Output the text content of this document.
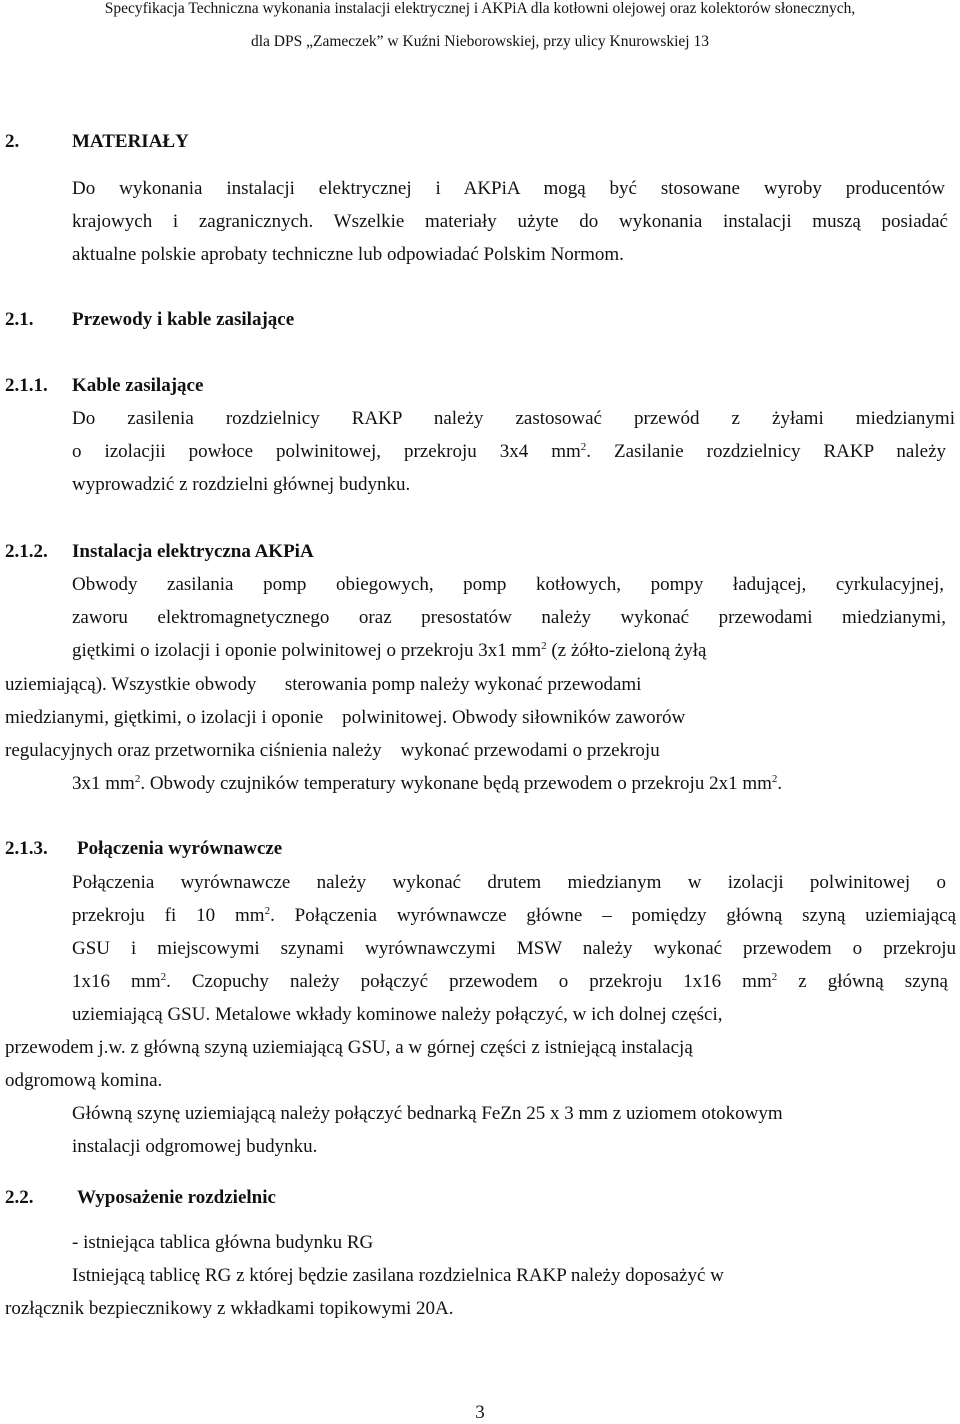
Specyfikacja Techniczna wykonania instalacji elektrycznej i AKPiA dla kotłowni olejowej oraz kolektorów słonecznych,
dla DPS „Zameczek” w Kuźni Nieborowskiej, przy ulicy Knurowskiej 13
2.	MATERIAŁY
Do wykonania instalacji elektrycznej i AKPiA mogą być stosowane wyroby producentów
krajowych i zagranicznych. Wszelkie materiały użyte do wykonania instalacji muszą posiadać
aktualne polskie aprobaty techniczne lub odpowiadać Polskim Normom.
2.1. Przewody i kable zasilające
2.1.1. Kable zasilające
Do zasilenia rozdzielnicy RAKP należy zastosować przewód z żyłami miedzianymi
o izolacjii powłoce polwinitowej, przekroju 3x4 $mm^2$. Zasilanie rozdzielnicy RAKP należy
wyprowadzić z rozdzielni głównej budynku.
2.1.2. Instalacja elektryczna AKPiA
Obwody zasilania pomp obiegowych, pomp kotłowych, pompy ładującej, cyrkulacyjnej,
zaworu elektromagnetycznego oraz presostatów należy wykonać przewodami miedzianymi,
giętkimi o izolacji i oponie polwinitowej o przekroju 3x1 $mm^2$ (z żółto-zieloną żyłą
uziemiającą). Wszystkie obwody      sterowania pomp należy wykonać przewodami
miedzianymi, giętkimi, o izolacji i oponie    polwinitowej. Obwody siłowników zaworów
regulacyjnych oraz przetwornika ciśnienia należy    wykonać przewodami o przekroju
3x1 $mm^2$. Obwody czujników temperatury wykonane będą przewodem o przekroju 2x1 $mm^2$.
2.1.3. Połączenia wyrównawcze
Połączenia wyrównawcze należy wykonać drutem miedzianym w izolacji polwinitowej o
przekroju fi 10 $mm^2$. Połączenia wyrównawcze główne – pomiędzy główną szyną uziemiającą
GSU i miejscowymi szynami wyrównawczymi MSW należy wykonać przewodem o przekroju
1x16 $mm^2$. Czopuchy należy połączyć przewodem o przekroju 1x16 $mm^2$ z główną szyną
uziemiającą GSU. Metalowe wkłady kominowe należy połączyć, w ich dolnej części,
przewodem j.w. z główną szyną uziemiającą GSU, a w górnej części z istniejącą instalacją
odgromową komina.
Główną szynę uziemiającą należy połączyć bednarką FeZn 25 x 3 mm z uziomem otokowym
instalacji odgromowej budynku.
2.2. Wyposażenie rozdzielnic
- istniejąca tablica główna budynku RG
Istniejącą tablicę RG z której będzie zasilana rozdzielnica RAKP należy doposażyć w
rozłącznik bezpiecznikowy z wkładkami topikowymi 20A.
3
